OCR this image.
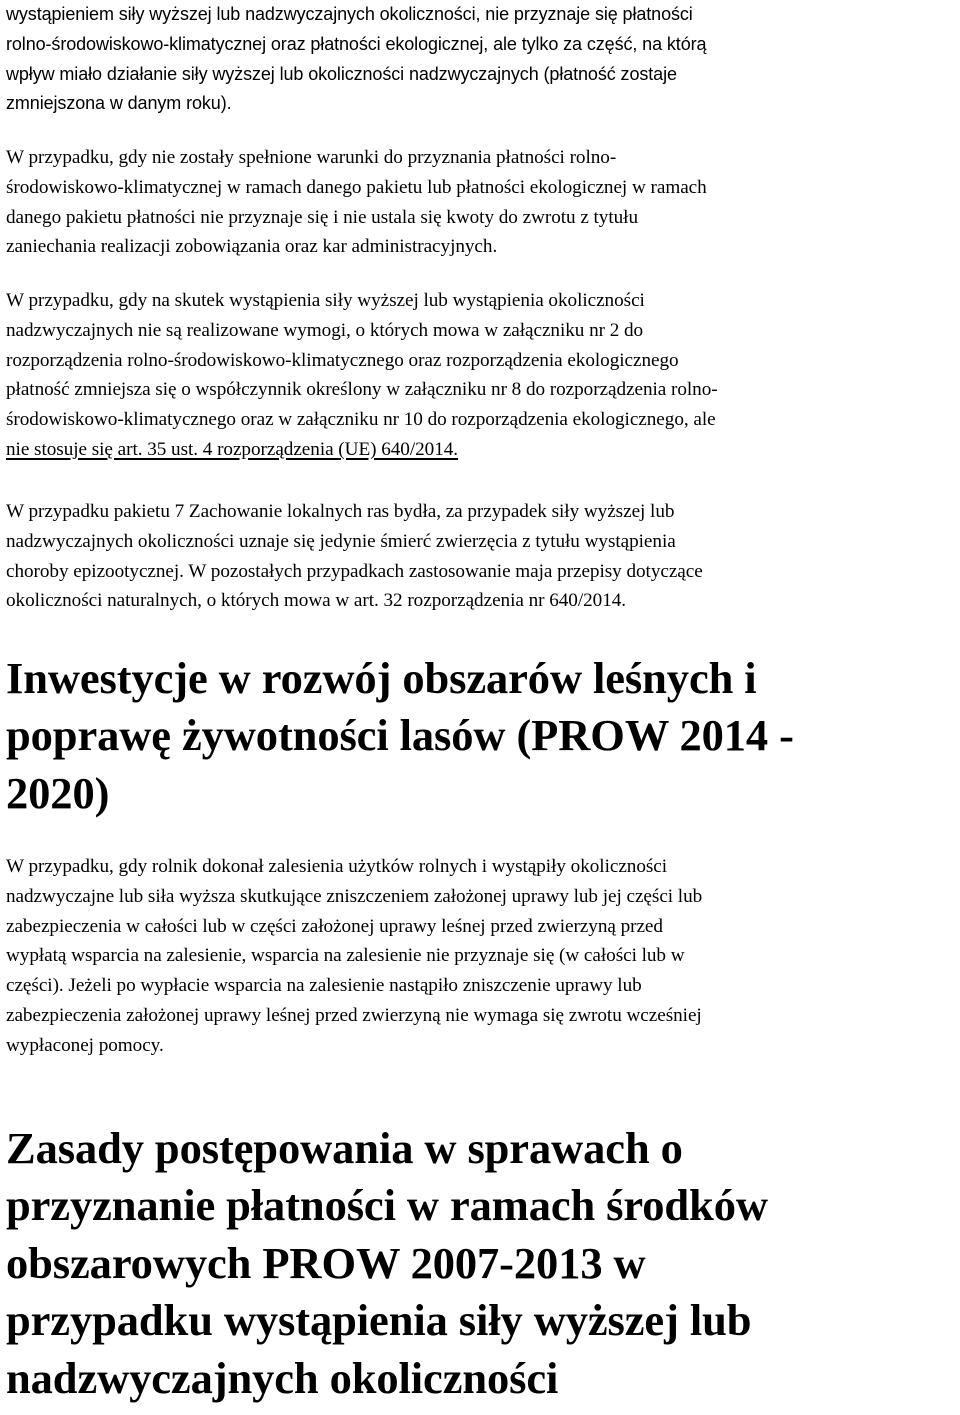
wystąpieniem siły wyższej lub nadzwyczajnych okoliczności, nie przyznaje się płatności
rolno-środowiskowo-klimatycznej oraz płatności ekologicznej, ale tylko za część, na którą
wpływ miało działanie siły wyższej lub okoliczności nadzwyczajnych (płatność zostaje
zmniejszona w danym roku).
W przypadku, gdy nie zostały spełnione warunki do przyznania płatności rolno-
środowiskowo-klimatycznej w ramach danego pakietu lub płatności ekologicznej w ramach
danego pakietu płatności nie przyznaje się i nie ustala się kwoty do zwrotu z tytułu
zaniechania realizacji zobowiązania oraz kar administracyjnych.
W przypadku, gdy na skutek wystąpienia siły wyższej lub wystąpienia okoliczności
nadzwyczajnych nie są realizowane wymogi, o których mowa w załączniku nr 2 do
rozporządzenia rolno-środowiskowo-klimatycznego oraz rozporządzenia ekologicznego
płatność zmniejsza się o współczynnik określony w załączniku nr 8 do rozporządzenia rolno-
środowiskowo-klimatycznego oraz w załączniku nr 10 do rozporządzenia ekologicznego, ale
nie stosuje się art. 35 ust. 4 rozporządzenia (UE) 640/2014.
W przypadku pakietu 7 Zachowanie lokalnych ras bydła, za przypadek siły wyższej lub
nadzwyczajnych okoliczności uznaje się jedynie śmierć zwierzęcia z tytułu wystąpienia
choroby epizootycznej. W pozostałych przypadkach zastosowanie maja przepisy dotyczące
okoliczności naturalnych, o których mowa w art. 32 rozporządzenia nr 640/2014.
Inwestycje w rozwój obszarów leśnych i
poprawę żywotności lasów (PROW 2014 -
2020)
W przypadku, gdy rolnik dokonał zalesienia użytków rolnych i wystąpiły okoliczności
nadzwyczajne lub siła wyższa skutkujące zniszczeniem założonej uprawy lub jej części lub
zabezpieczenia w całości lub w części założonej uprawy leśnej przed zwierzyną przed
wypłatą wsparcia na zalesienie, wsparcia na zalesienie nie przyznaje się (w całości lub w
części). Jeżeli po wypłacie wsparcia na zalesienie nastąpiło zniszczenie uprawy lub
zabezpieczenia założonej uprawy leśnej przed zwierzyną nie wymaga się zwrotu wcześniej
wypłaconej pomocy.
Zasady postępowania w sprawach o
przyznanie płatności w ramach środków
obszarowych PROW 2007-2013 w
przypadku wystąpienia siły wyższej lub
nadzwyczajnych okoliczności
